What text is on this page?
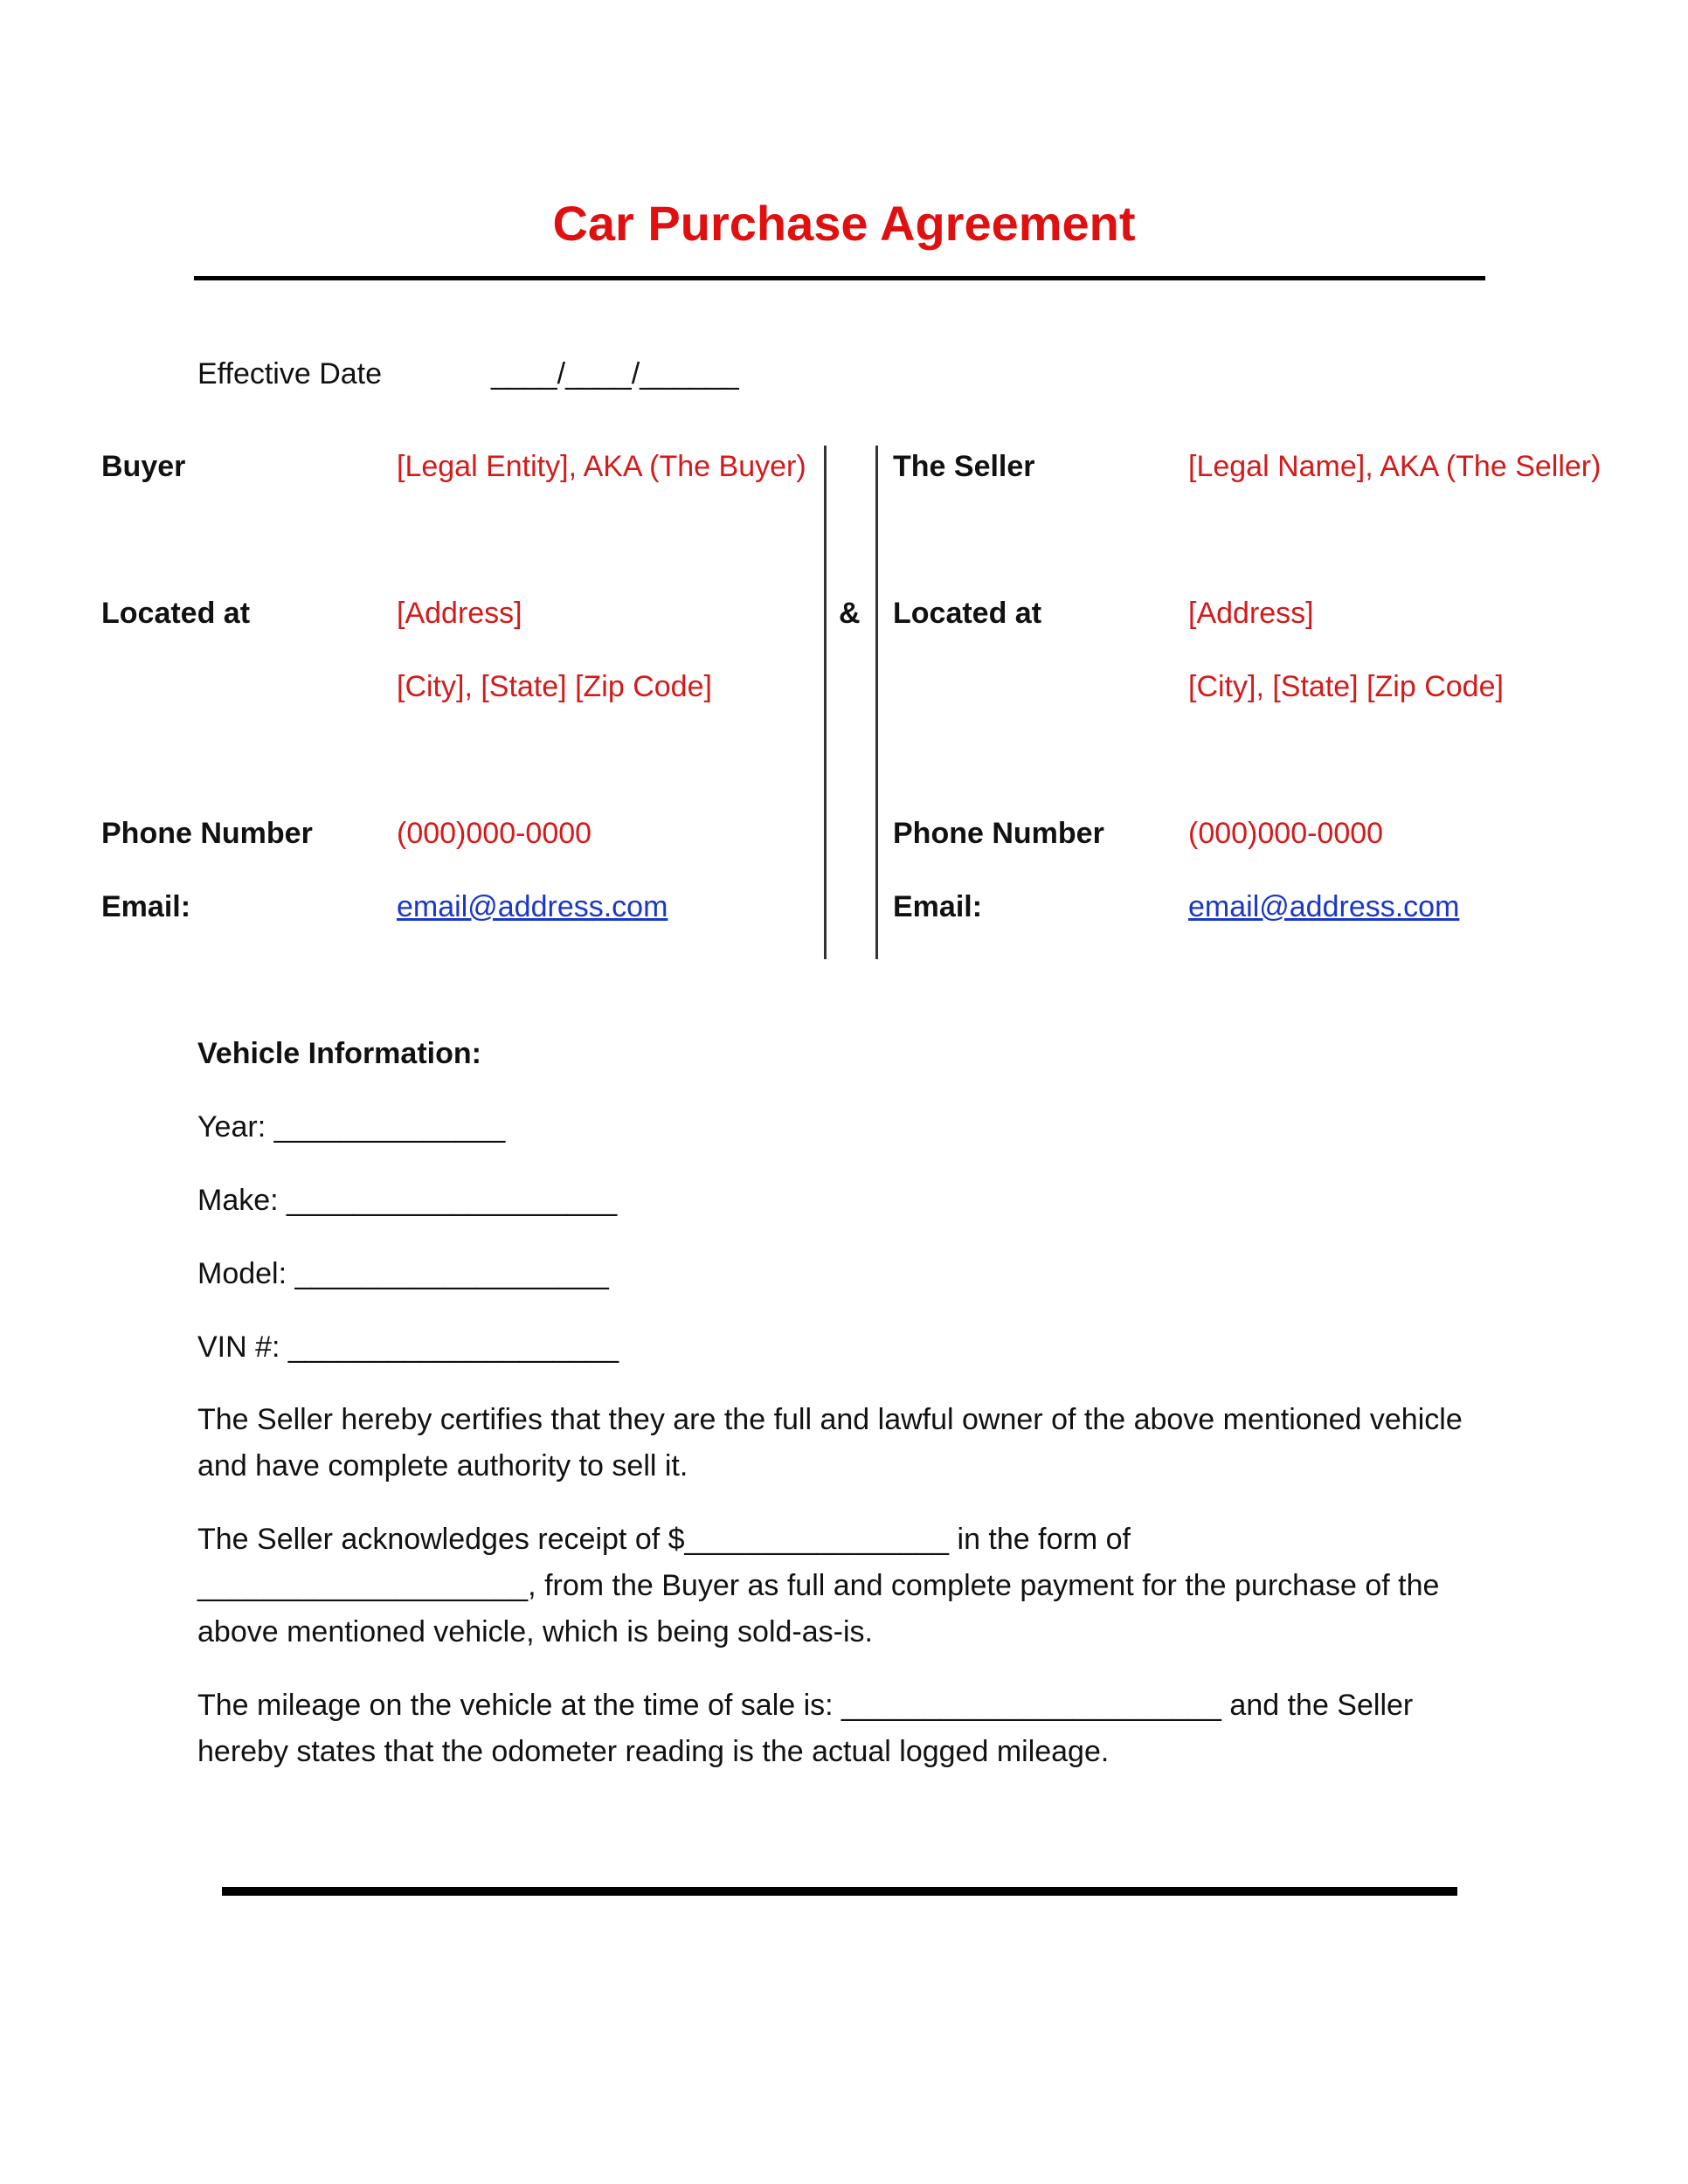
Car Purchase Agreement
Effective Date	____/____/______
Buyer	[Legal Entity], AKA (The Buyer)
Located at	[Address]
[City], [State] [Zip Code]
Phone Number	(000)000-0000
Email:	email@address.com
&
The Seller	[Legal Name], AKA (The Seller)
Located at	[Address]
[City], [State] [Zip Code]
Phone Number	(000)000-0000
Email:	email@address.com
Vehicle Information:
Year: ______________
Make: ____________________
Model: ___________________
VIN #: ____________________
The Seller hereby certifies that they are the full and lawful owner of the above mentioned vehicle and have complete authority to sell it.
The Seller acknowledges receipt of $________________ in the form of
____________________, from the Buyer as full and complete payment for the purchase of the
above mentioned vehicle, which is being sold-as-is.
The mileage on the vehicle at the time of sale is: _______________________ and the Seller
hereby states that the odometer reading is the actual logged mileage.
